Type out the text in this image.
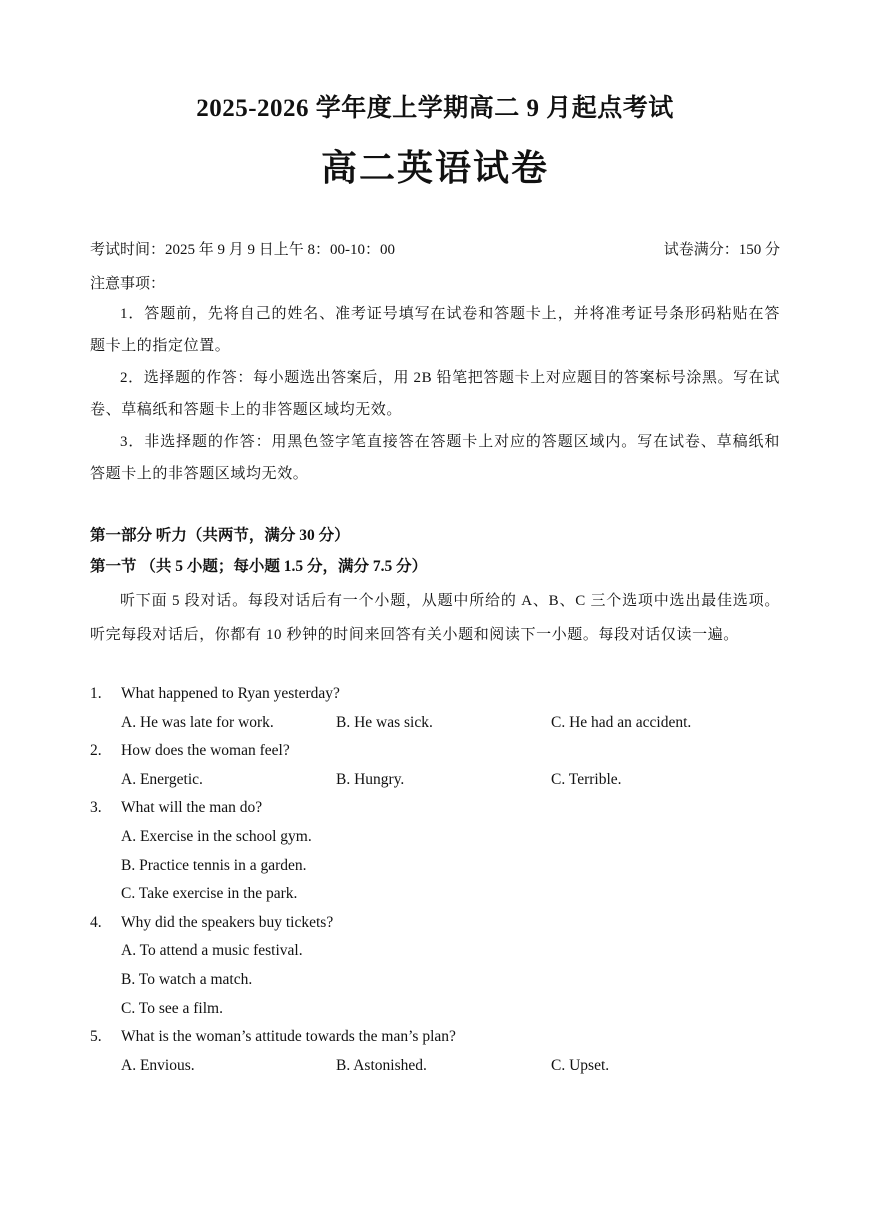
2025-2026 学年度上学期高二 9 月起点考试
高二英语试卷
考试时间：2025 年 9 月 9 日上午 8：00-10：00	试卷满分：150 分
注意事项：

1．答题前，先将自己的姓名、准考证号填写在试卷和答题卡上，并将准考证号条形码粘贴在答题卡上的指定位置。

2．选择题的作答：每小题选出答案后，用 2B 铅笔把答题卡上对应题目的答案标号涂黑。写在试卷、草稿纸和答题卡上的非答题区域均无效。

3．非选择题的作答：用黑色签字笔直接答在答题卡上对应的答题区域内。写在试卷、草稿纸和答题卡上的非答题区域均无效。

第一部分 听力（共两节，满分 30 分）
第一节 （共 5 小题；每小题 1.5 分，满分 7.5 分）
听下面 5 段对话。每段对话后有一个小题，从题中所给的 A、B、C 三个选项中选出最佳选项。听完每段对话后，你都有 10 秒钟的时间来回答有关小题和阅读下一小题。每段对话仅读一遍。
1.	What happened to Ryan yesterday?
A. He was late for work.	B. He was sick.	C. He had an accident.
2.	How does the woman feel?
A. Energetic.	B. Hungry.	C. Terrible.
3.	What will the man do?
A. Exercise in the school gym.
B. Practice tennis in a garden.
C. Take exercise in the park.
4.	Why did the speakers buy tickets?
A. To attend a music festival.
B. To watch a match.
C. To see a film.
5.	What is the woman’s attitude towards the man’s plan?
A. Envious.	B. Astonished.	C. Upset.
